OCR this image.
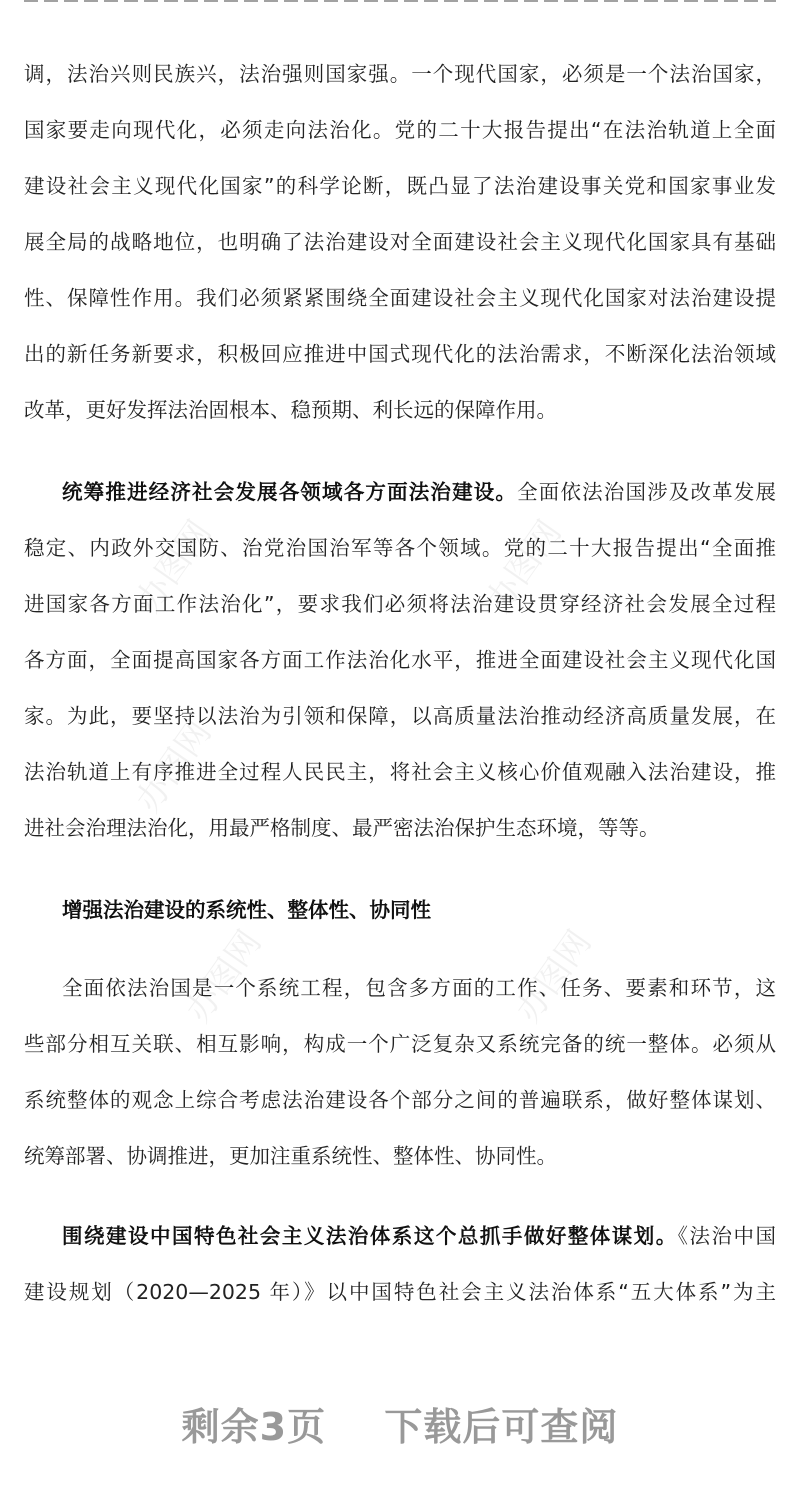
办图网	办图网
办图网
办图网	办图网
调，法治兴则民族兴，法治强则国家强。一个现代国家，必须是一个法治国家，
国家要走向现代化，必须走向法治化。党的二十大报告提出“在法治轨道上全面
建设社会主义现代化国家”的科学论断，既凸显了法治建设事关党和国家事业发
展全局的战略地位，也明确了法治建设对全面建设社会主义现代化国家具有基础
性、保障性作用。我们必须紧紧围绕全面建设社会主义现代化国家对法治建设提
出的新任务新要求，积极回应推进中国式现代化的法治需求，不断深化法治领域
改革，更好发挥法治固根本、稳预期、利长远的保障作用。
统筹推进经济社会发展各领域各方面法治建设。全面依法治国涉及改革发展
稳定、内政外交国防、治党治国治军等各个领域。党的二十大报告提出“全面推
进国家各方面工作法治化”，要求我们必须将法治建设贯穿经济社会发展全过程
各方面，全面提高国家各方面工作法治化水平，推进全面建设社会主义现代化国
家。为此，要坚持以法治为引领和保障，以高质量法治推动经济高质量发展，在
法治轨道上有序推进全过程人民民主，将社会主义核心价值观融入法治建设，推
进社会治理法治化，用最严格制度、最严密法治保护生态环境，等等。
增强法治建设的系统性、整体性、协同性
全面依法治国是一个系统工程，包含多方面的工作、任务、要素和环节，这
些部分相互关联、相互影响，构成一个广泛复杂又系统完备的统一整体。必须从
系统整体的观念上综合考虑法治建设各个部分之间的普遍联系，做好整体谋划、
统筹部署、协调推进，更加注重系统性、整体性、协同性。
围绕建设中国特色社会主义法治体系这个总抓手做好整体谋划。《法治中国
建设规划（2020—2025 年）》以中国特色社会主义法治体系“五大体系”为主
剩余3页 下载后可查阅
